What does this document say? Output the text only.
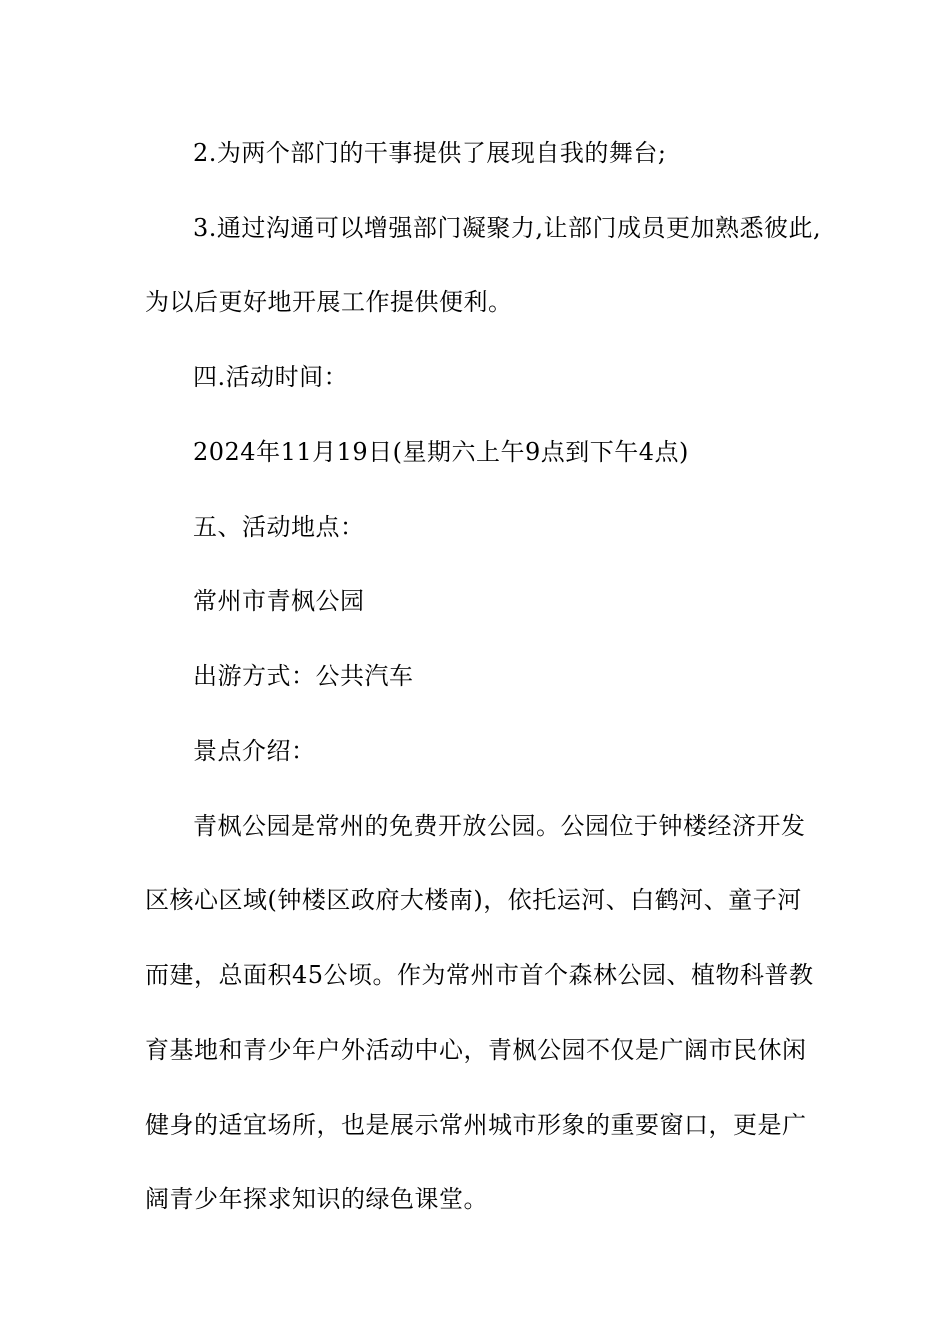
2.为两个部门的干事提供了展现自我的舞台;
3.通过沟通可以增强部门凝聚力,让部门成员更加熟悉彼此,
为以后更好地开展工作提供便利。
四.活动时间：
2024年11月19日(星期六上午9点到下午4点)
五、活动地点：
常州市青枫公园
出游方式：公共汽车
景点介绍：
青枫公园是常州的免费开放公园。公园位于钟楼经济开发
区核心区域(钟楼区政府大楼南)，依托运河、白鹤河、童子河
而建，总面积45公顷。作为常州市首个森林公园、植物科普教
育基地和青少年户外活动中心，青枫公园不仅是广阔市民休闲
健身的适宜场所，也是展示常州城市形象的重要窗口，更是广
阔青少年探求知识的绿色课堂。
